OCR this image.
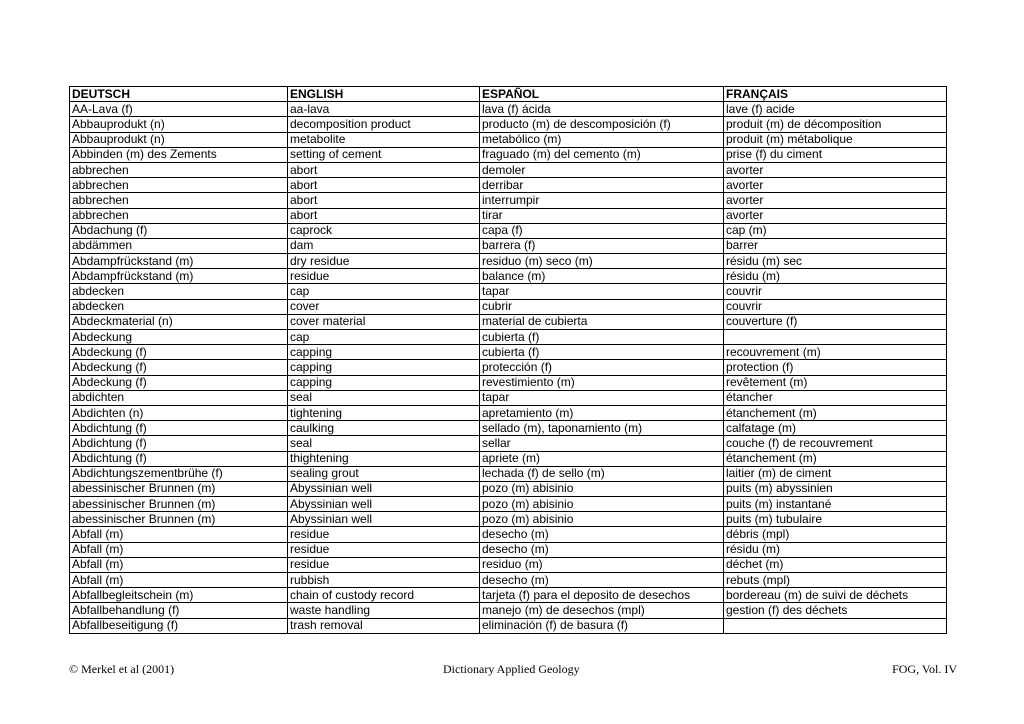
DEUTSCH	ENGLISH	ESPAÑOL	FRANÇAIS
AA-Lava (f)	aa-lava	lava (f) ácida	lave (f) acide
Abbauprodukt (n)	decomposition product	producto (m) de descomposición (f)	produit (m) de décomposition
Abbauprodukt (n)	metabolite	metabólico (m)	produit (m) métabolique
Abbinden (m) des Zements	setting of cement	fraguado (m) del cemento (m)	prise (f) du ciment
abbrechen	abort	demoler	avorter
abbrechen	abort	derribar	avorter
abbrechen	abort	interrumpir	avorter
abbrechen	abort	tirar	avorter
Abdachung (f)	caprock	capa (f)	cap (m)
abdämmen	dam	barrera (f)	barrer
Abdampfrückstand (m)	dry residue	residuo (m) seco (m)	résidu (m) sec
Abdampfrückstand (m)	residue	balance (m)	résidu (m)
abdecken	cap	tapar	couvrir
abdecken	cover	cubrir	couvrir
Abdeckmaterial (n)	cover material	material de cubierta	couverture (f)
Abdeckung	cap	cubierta (f)	
Abdeckung (f)	capping	cubierta (f)	recouvrement (m)
Abdeckung (f)	capping	protección (f)	protection (f)
Abdeckung (f)	capping	revestimiento (m)	revêtement (m)
abdichten	seal	tapar	étancher
Abdichten (n)	tightening	apretamiento (m)	étanchement (m)
Abdichtung (f)	caulking	sellado (m), taponamiento (m)	calfatage (m)
Abdichtung (f)	seal	sellar	couche (f) de recouvrement
Abdichtung (f)	thightening	apriete (m)	étanchement (m)
Abdichtungszementbrühe (f)	sealing grout	lechada (f) de sello (m)	laitier (m) de ciment
abessinischer Brunnen (m)	Abyssinian well	pozo (m) abisinio	puits (m) abyssinien
abessinischer Brunnen (m)	Abyssinian well	pozo (m) abisinio	puits (m) instantané
abessinischer Brunnen (m)	Abyssinian well	pozo (m) abisinio	puits (m) tubulaire
Abfall (m)	residue	desecho (m)	débris (mpl)
Abfall (m)	residue	desecho (m)	résidu (m)
Abfall (m)	residue	residuo (m)	déchet (m)
Abfall (m)	rubbish	desecho (m)	rebuts (mpl)
Abfallbegleitschein (m)	chain of custody record	tarjeta (f) para el deposito de desechos	bordereau (m) de suivi de déchets
Abfallbehandlung (f)	waste handling	manejo (m) de desechos (mpl)	gestion (f) des déchets
Abfallbeseitigung (f)	trash removal	eliminación (f) de basura (f)	
© Merkel et al (2001)	Dictionary Applied Geology	FOG, Vol. IV
